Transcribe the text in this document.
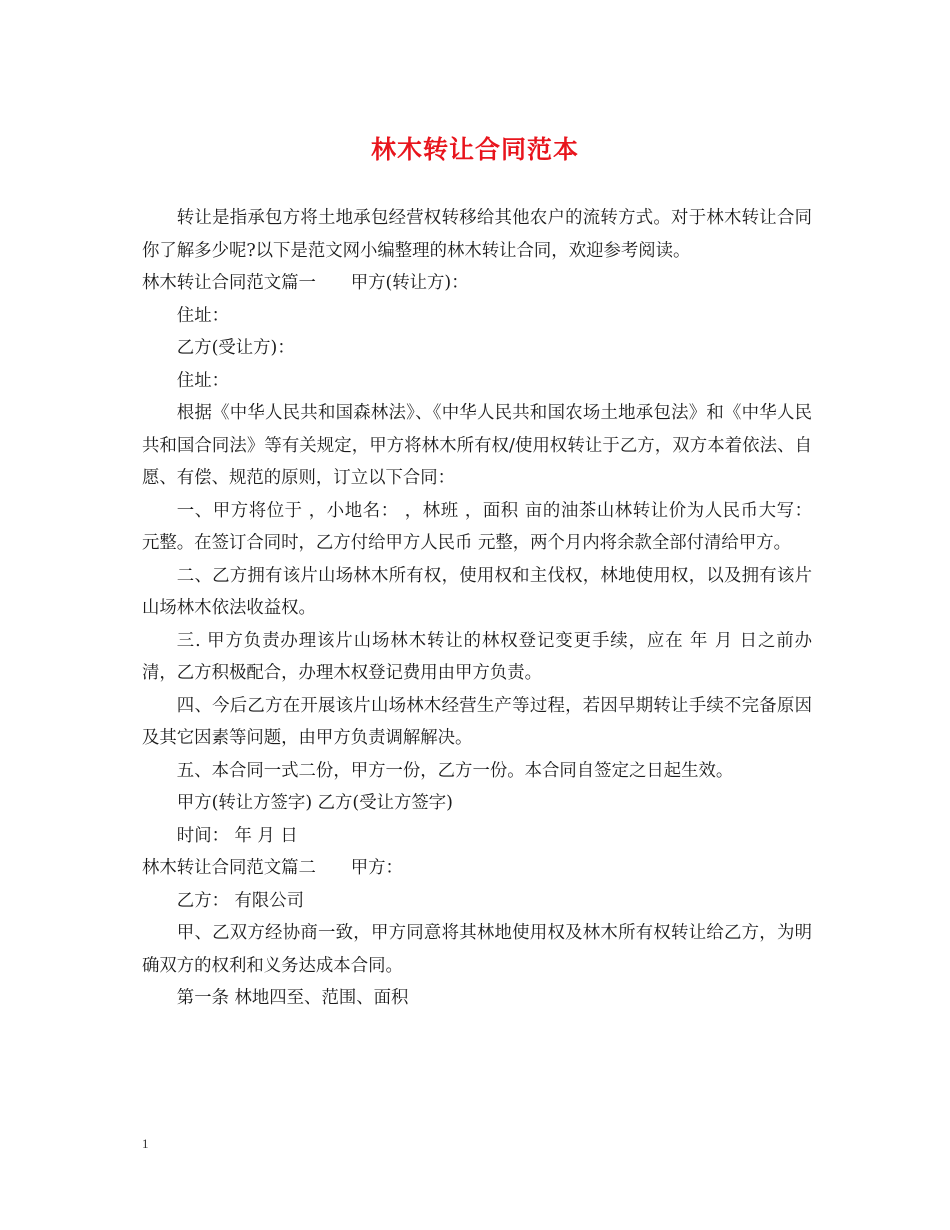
林木转让合同范本

转让是指承包方将土地承包经营权转移给其他农户的流转方式。对于林木转让合同你了解多少呢?以下是范文网小编整理的林木转让合同，欢迎参考阅读。

林木转让合同范文篇一　　甲方(转让方)：

住址：

乙方(受让方)：

住址：

根据《中华人民共和国森林法》、《中华人民共和国农场土地承包法》和《中华人民共和国合同法》等有关规定，甲方将林木所有权/使用权转让于乙方，双方本着依法、自愿、有偿、规范的原则，订立以下合同：

一、甲方将位于 ，小地名： ，林班 ，面积 亩的油茶山林转让价为人民币大写： 元整。在签订合同时，乙方付给甲方人民币 元整，两个月内将余款全部付清给甲方。

二、乙方拥有该片山场林木所有权，使用权和主伐权，林地使用权，以及拥有该片山场林木依法收益权。

三. 甲方负责办理该片山场林木转让的林权登记变更手续，应在 年 月 日之前办清，乙方积极配合，办理木权登记费用由甲方负责。

四、今后乙方在开展该片山场林木经营生产等过程，若因早期转让手续不完备原因及其它因素等问题，由甲方负责调解解决。

五、本合同一式二份，甲方一份，乙方一份。本合同自签定之日起生效。

甲方(转让方签字) 乙方(受让方签字)

时间： 年 月 日

林木转让合同范文篇二　　甲方：

乙方： 有限公司

甲、乙双方经协商一致，甲方同意将其林地使用权及林木所有权转让给乙方，为明确双方的权利和义务达成本合同。

第一条 林地四至、范围、面积

1
